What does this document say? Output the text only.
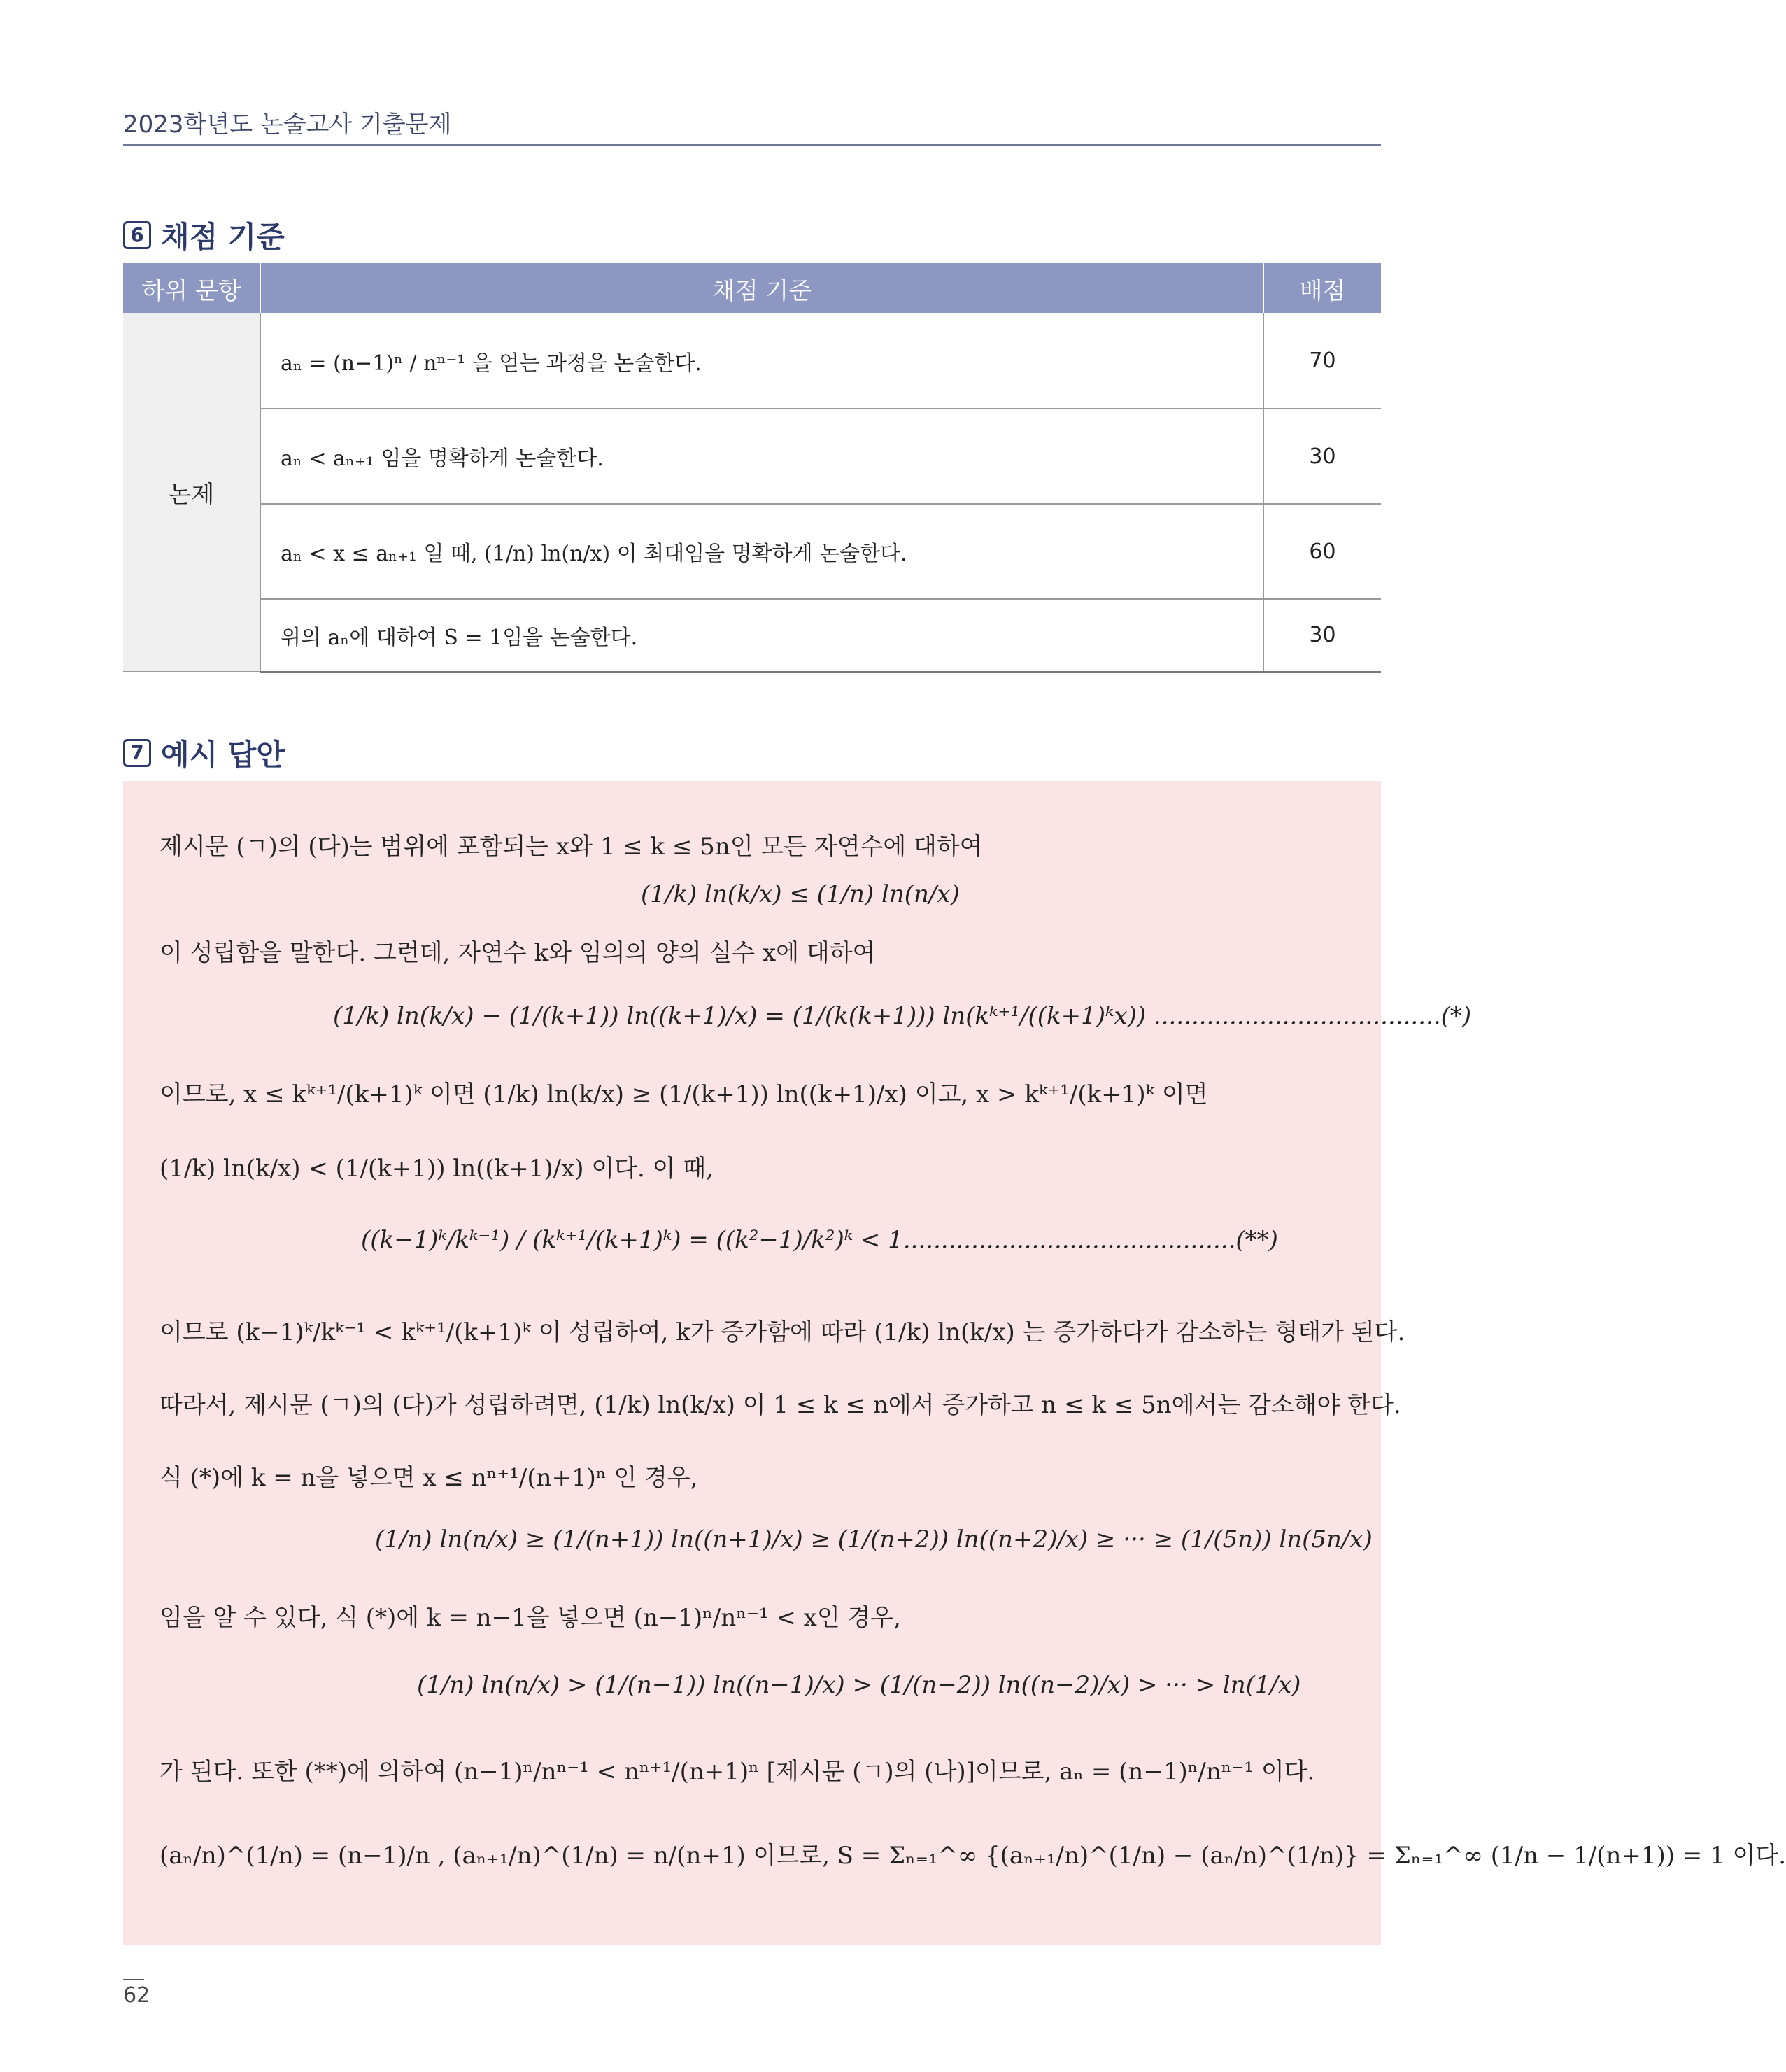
2023학년도 논술고사 기출문제
6 채점 기준
하위 문항	채점 기준	배점
논제	aₙ = (n−1)ⁿ / nⁿ⁻¹ 을 얻는 과정을 논술한다.	70
	aₙ < aₙ₊₁ 임을 명확하게 논술한다.	30
	aₙ < x ≤ aₙ₊₁ 일 때, (1/n) ln(n/x) 이 최대임을 명확하게 논술한다.	60
	위의 aₙ에 대하여 S = 1임을 논술한다.	30
7 예시 답안
제시문 (ㄱ)의 (다)는 범위에 포함되는 x와 1 ≤ k ≤ 5n인 모든 자연수에 대하여
(1/k) ln(k/x) ≤ (1/n) ln(n/x)
이 성립함을 말한다. 그런데, 자연수 k와 임의의 양의 실수 x에 대하여
(1/k) ln(k/x) − (1/(k+1)) ln((k+1)/x) = (1/(k(k+1))) ln(kᵏ⁺¹/((k+1)ᵏx)) ......................................(*)
이므로, x ≤ kᵏ⁺¹/(k+1)ᵏ 이면 (1/k) ln(k/x) ≥ (1/(k+1)) ln((k+1)/x) 이고, x > kᵏ⁺¹/(k+1)ᵏ 이면
(1/k) ln(k/x) < (1/(k+1)) ln((k+1)/x) 이다. 이 때,
((k−1)ᵏ/kᵏ⁻¹) / (kᵏ⁺¹/(k+1)ᵏ) = ((k²−1)/k²)ᵏ < 1............................................(**)
이므로 (k−1)ᵏ/kᵏ⁻¹ < kᵏ⁺¹/(k+1)ᵏ 이 성립하여, k가 증가함에 따라 (1/k) ln(k/x) 는 증가하다가 감소하는 형태가 된다.
따라서, 제시문 (ㄱ)의 (다)가 성립하려면, (1/k) ln(k/x) 이 1 ≤ k ≤ n에서 증가하고 n ≤ k ≤ 5n에서는 감소해야 한다.
식 (*)에 k = n을 넣으면 x ≤ nⁿ⁺¹/(n+1)ⁿ 인 경우,
(1/n) ln(n/x) ≥ (1/(n+1)) ln((n+1)/x) ≥ (1/(n+2)) ln((n+2)/x) ≥ ··· ≥ (1/(5n)) ln(5n/x)
임을 알 수 있다, 식 (*)에 k = n−1을 넣으면 (n−1)ⁿ/nⁿ⁻¹ < x인 경우,
(1/n) ln(n/x) > (1/(n−1)) ln((n−1)/x) > (1/(n−2)) ln((n−2)/x) > ··· > ln(1/x)
가 된다. 또한 (**)에 의하여 (n−1)ⁿ/nⁿ⁻¹ < nⁿ⁺¹/(n+1)ⁿ [제시문 (ㄱ)의 (나)]이므로, aₙ = (n−1)ⁿ/nⁿ⁻¹ 이다.
(aₙ/n)^(1/n) = (n−1)/n , (aₙ₊₁/n)^(1/n) = n/(n+1) 이므로, S = Σₙ₌₁^∞ {(aₙ₊₁/n)^(1/n) − (aₙ/n)^(1/n)} = Σₙ₌₁^∞ (1/n − 1/(n+1)) = 1 이다.
62
